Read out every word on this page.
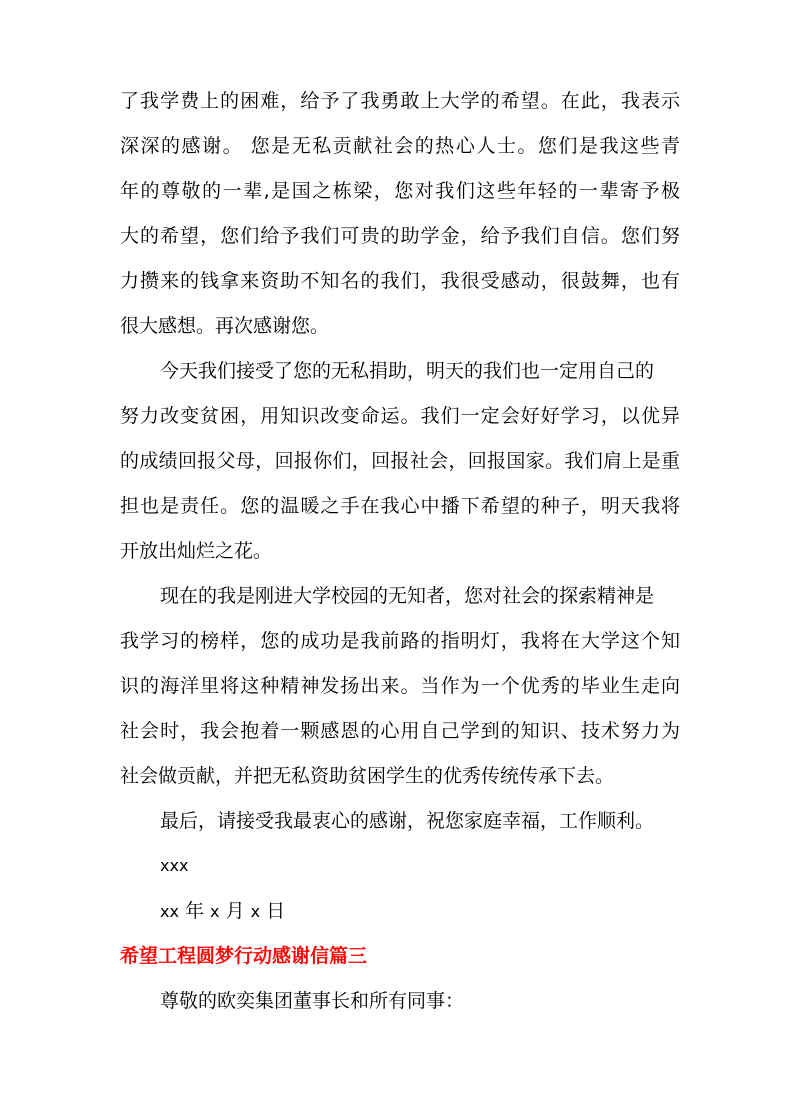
了我学费上的困难，给予了我勇敢上大学的希望。在此，我表示
深深的感谢。 您是无私贡献社会的热心人士。您们是我这些青
年的尊敬的一辈,是国之栋梁，您对我们这些年轻的一辈寄予极
大的希望，您们给予我们可贵的助学金，给予我们自信。您们努
力攒来的钱拿来资助不知名的我们，我很受感动，很鼓舞，也有
很大感想。再次感谢您。
今天我们接受了您的无私捐助，明天的我们也一定用自己的
努力改变贫困，用知识改变命运。我们一定会好好学习，以优异
的成绩回报父母，回报你们，回报社会，回报国家。我们肩上是重
担也是责任。您的温暖之手在我心中播下希望的种子，明天我将
开放出灿烂之花。
现在的我是刚进大学校园的无知者，您对社会的探索精神是
我学习的榜样，您的成功是我前路的指明灯，我将在大学这个知
识的海洋里将这种精神发扬出来。当作为一个优秀的毕业生走向
社会时，我会抱着一颗感恩的心用自己学到的知识、技术努力为
社会做贡献，并把无私资助贫困学生的优秀传统传承下去。
最后，请接受我最衷心的感谢，祝您家庭幸福，工作顺利。
xxx
xx 年 x 月 x 日
希望工程圆梦行动感谢信篇三
尊敬的欧奕集团董事长和所有同事：
